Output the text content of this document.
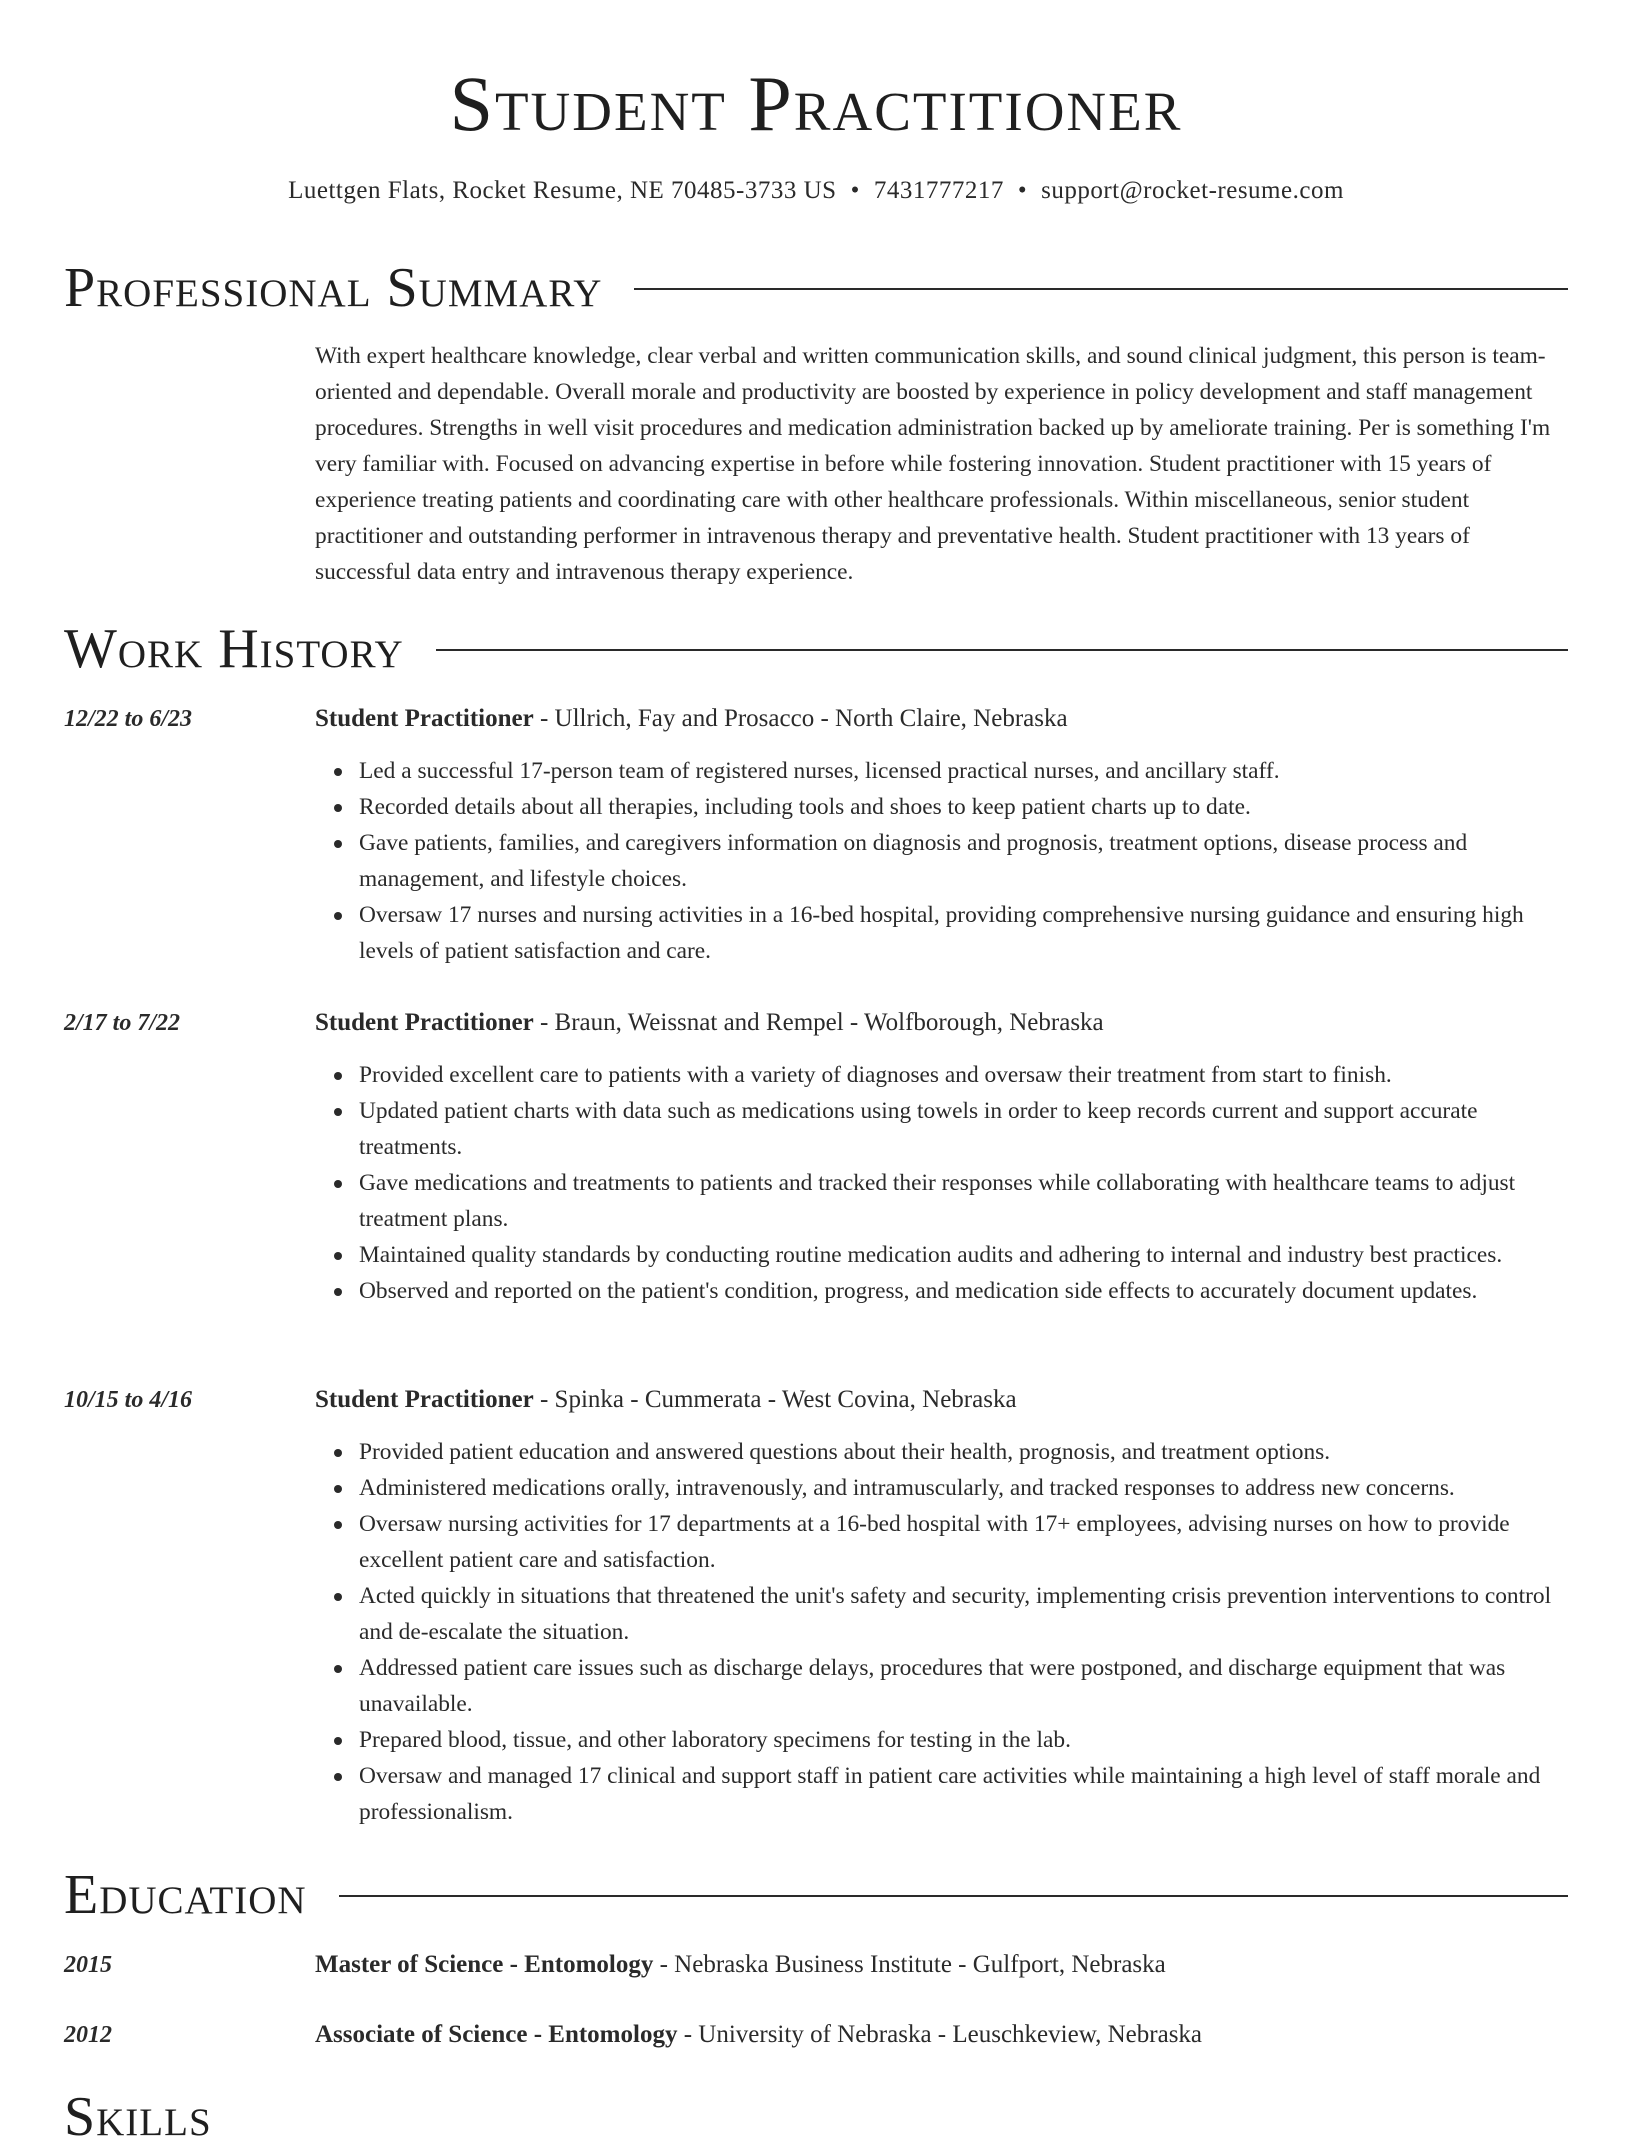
Student Practitioner
Luettgen Flats, Rocket Resume, NE 70485-3733 US • 7431777217 • support@rocket-resume.com
Professional Summary

With expert healthcare knowledge, clear verbal and written communication skills, and sound clinical judgment, this person is team-oriented and dependable. Overall morale and productivity are boosted by experience in policy development and staff management procedures. Strengths in well visit procedures and medication administration backed up by ameliorate training. Per is something I'm very familiar with. Focused on advancing expertise in before while fostering innovation. Student practitioner with 15 years of experience treating patients and coordinating care with other healthcare professionals. Within miscellaneous, senior student practitioner and outstanding performer in intravenous therapy and preventative health. Student practitioner with 13 years of successful data entry and intravenous therapy experience.

Work History
12/22 to 6/23	Student Practitioner - Ullrich, Fay and Prosacco - North Claire, Nebraska
Led a successful 17-person team of registered nurses, licensed practical nurses, and ancillary staff.
Recorded details about all therapies, including tools and shoes to keep patient charts up to date.
Gave patients, families, and caregivers information on diagnosis and prognosis, treatment options, disease process and management, and lifestyle choices.
Oversaw 17 nurses and nursing activities in a 16-bed hospital, providing comprehensive nursing guidance and ensuring high levels of patient satisfaction and care.
2/17 to 7/22	Student Practitioner - Braun, Weissnat and Rempel - Wolfborough, Nebraska
Provided excellent care to patients with a variety of diagnoses and oversaw their treatment from start to finish.
Updated patient charts with data such as medications using towels in order to keep records current and support accurate treatments.
Gave medications and treatments to patients and tracked their responses while collaborating with healthcare teams to adjust treatment plans.
Maintained quality standards by conducting routine medication audits and adhering to internal and industry best practices.
Observed and reported on the patient's condition, progress, and medication side effects to accurately document updates.
10/15 to 4/16	Student Practitioner - Spinka - Cummerata - West Covina, Nebraska
Provided patient education and answered questions about their health, prognosis, and treatment options.
Administered medications orally, intravenously, and intramuscularly, and tracked responses to address new concerns.
Oversaw nursing activities for 17 departments at a 16-bed hospital with 17+ employees, advising nurses on how to provide excellent patient care and satisfaction.
Acted quickly in situations that threatened the unit's safety and security, implementing crisis prevention interventions to control and de-escalate the situation.
Addressed patient care issues such as discharge delays, procedures that were postponed, and discharge equipment that was unavailable.
Prepared blood, tissue, and other laboratory specimens for testing in the lab.
Oversaw and managed 17 clinical and support staff in patient care activities while maintaining a high level of staff morale and professionalism.
Education
2015	Master of Science - Entomology - Nebraska Business Institute - Gulfport, Nebraska
2012	Associate of Science - Entomology - University of Nebraska - Leuschkeview, Nebraska
Skills
